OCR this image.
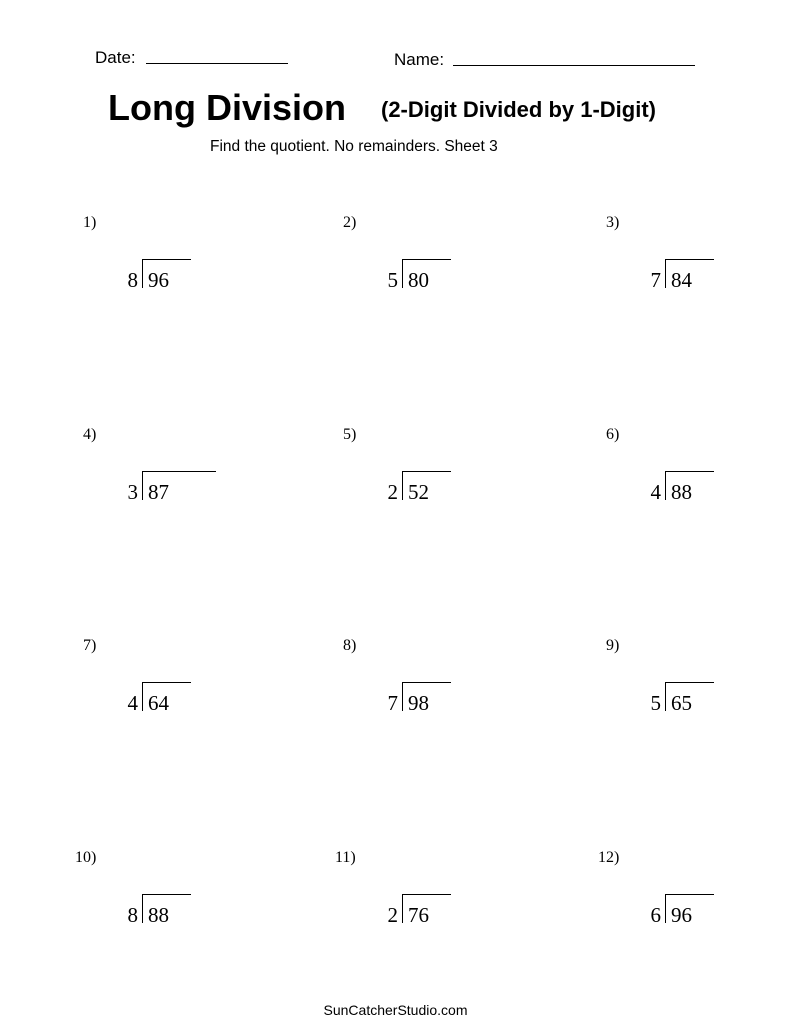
Date:	Name:
Long Division (2-Digit Divided by 1-Digit)
Find the quotient. No remainders. Sheet 3
1)
8 96
2)
5 80
3)
7 84
4)
3 87
5)
2 52
6)
4 88
7)
4 64
8)
7 98
9)
5 65
10)
8 88
11)
2 76
12)
6 96
SunCatcherStudio.com
